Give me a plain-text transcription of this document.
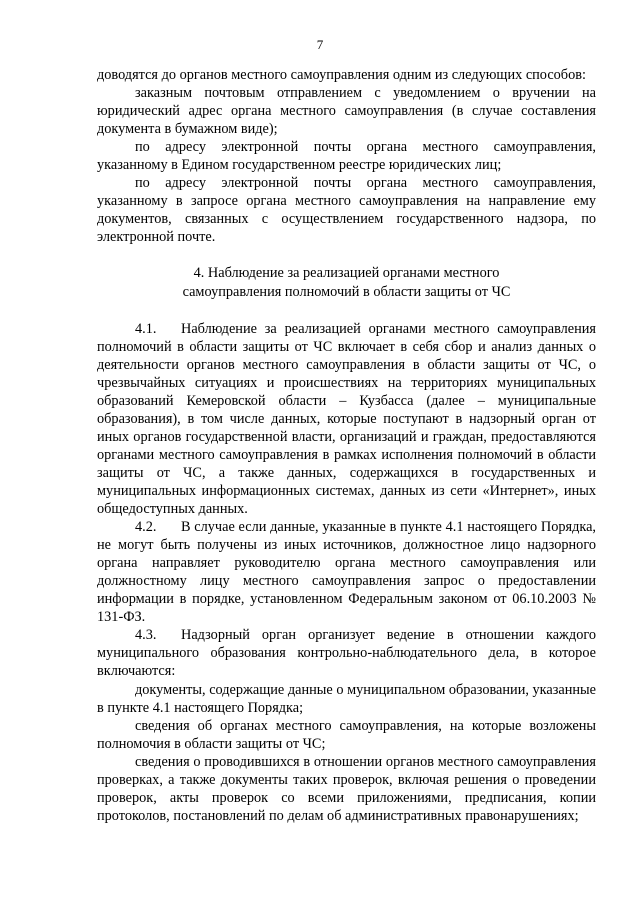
7

доводятся до органов местного самоуправления одним из следующих способов:

заказным почтовым отправлением с уведомлением о вручении на юридический адрес органа местного самоуправления (в случае составления документа в бумажном виде);

по адресу электронной почты органа местного самоуправления, указанному в Едином государственном реестре юридических лиц;

по адресу электронной почты органа местного самоуправления, указанному в запросе органа местного самоуправления на направление ему документов, связанных с осуществлением государственного надзора, по электронной почте.

4. Наблюдение за реализацией органами местного
самоуправления полномочий в области защиты от ЧС

4.1. Наблюдение за реализацией органами местного самоуправления полномочий в области защиты от ЧС включает в себя сбор и анализ данных о деятельности органов местного самоуправления в области защиты от ЧС, о чрезвычайных ситуациях и происшествиях на территориях муниципальных образований Кемеровской области – Кузбасса (далее – муниципальные образования), в том числе данных, которые поступают в надзорный орган от иных органов государственной власти, организаций и граждан, предоставляются органами местного самоуправления в рамках исполнения полномочий в области защиты от ЧС, а также данных, содержащихся в государственных и муниципальных информационных системах, данных из сети «Интернет», иных общедоступных данных.

4.2. В случае если данные, указанные в пункте 4.1 настоящего Порядка, не могут быть получены из иных источников, должностное лицо надзорного органа направляет руководителю органа местного самоуправления или должностному лицу местного самоуправления запрос о предоставлении информации в порядке, установленном Федеральным законом от 06.10.2003 № 131-ФЗ.

4.3. Надзорный орган организует ведение в отношении каждого муниципального образования контрольно-наблюдательного дела, в которое включаются:

документы, содержащие данные о муниципальном образовании, указанные в пункте 4.1 настоящего Порядка;

сведения об органах местного самоуправления, на которые возложены полномочия в области защиты от ЧС;

сведения о проводившихся в отношении органов местного самоуправления проверках, а также документы таких проверок, включая решения о проведении проверок, акты проверок со всеми приложениями, предписания, копии протоколов, постановлений по делам об административных правонарушениях;
